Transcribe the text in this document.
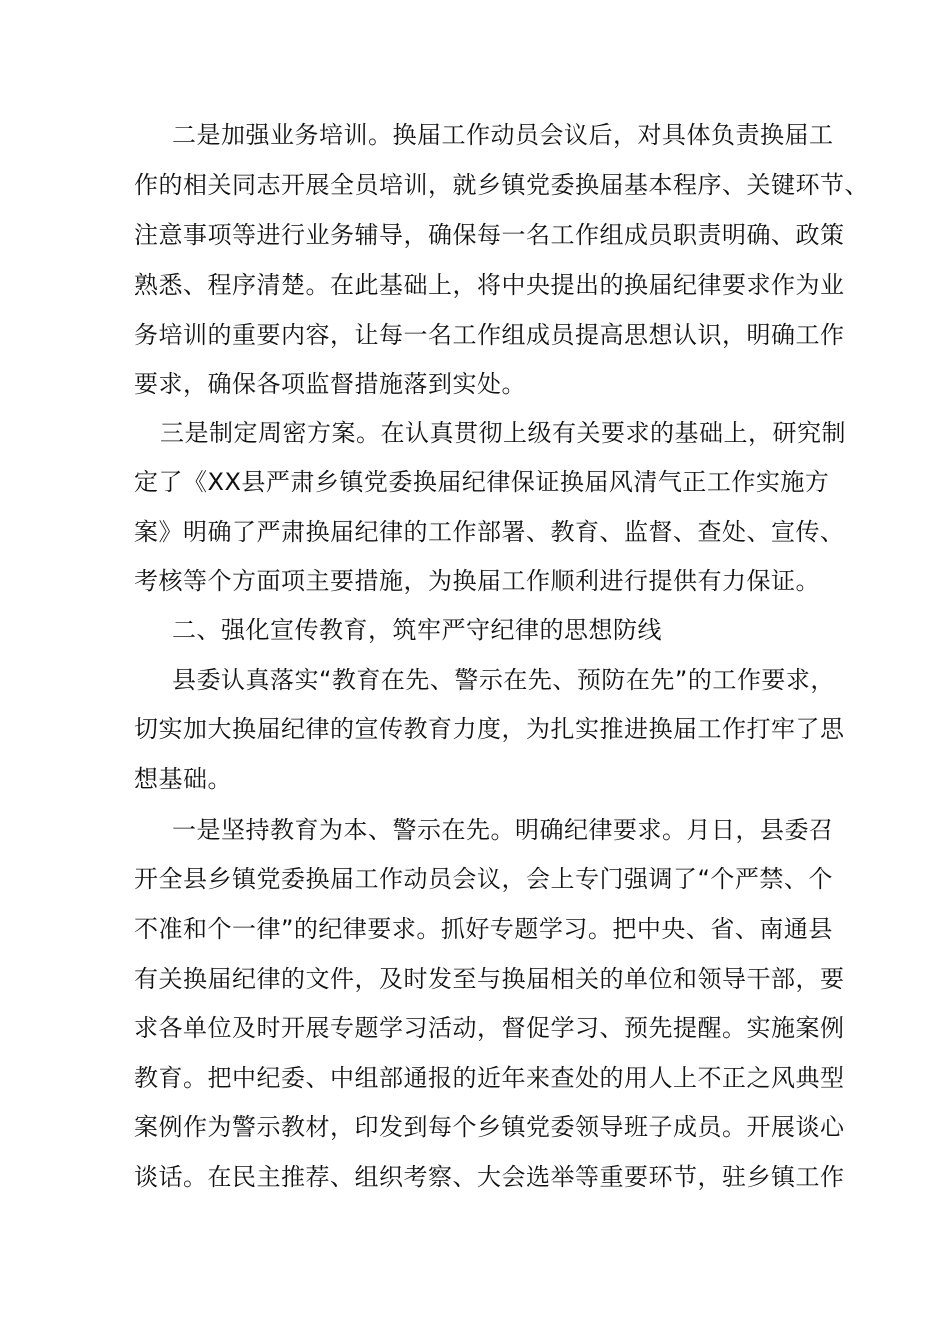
二是加强业务培训。换届工作动员会议后，对具体负责换届工

作的相关同志开展全员培训，就乡镇党委换届基本程序、关键环节、

注意事项等进行业务辅导，确保每一名工作组成员职责明确、政策

熟悉、程序清楚。在此基础上，将中央提出的换届纪律要求作为业

务培训的重要内容，让每一名工作组成员提高思想认识，明确工作

要求，确保各项监督措施落到实处。

三是制定周密方案。在认真贯彻上级有关要求的基础上，研究制

定了《XX县严肃乡镇党委换届纪律保证换届风清气正工作实施方

案》明确了严肃换届纪律的工作部署、教育、监督、查处、宣传、

考核等个方面项主要措施，为换届工作顺利进行提供有力保证。

二、强化宣传教育，筑牢严守纪律的思想防线

县委认真落实“教育在先、警示在先、预防在先”的工作要求，

切实加大换届纪律的宣传教育力度，为扎实推进换届工作打牢了思

想基础。

一是坚持教育为本、警示在先。明确纪律要求。月日，县委召

开全县乡镇党委换届工作动员会议，会上专门强调了“个严禁、个

不准和个一律”的纪律要求。抓好专题学习。把中央、省、南通县

有关换届纪律的文件，及时发至与换届相关的单位和领导干部，要

求各单位及时开展专题学习活动，督促学习、预先提醒。实施案例

教育。把中纪委、中组部通报的近年来查处的用人上不正之风典型

案例作为警示教材，印发到每个乡镇党委领导班子成员。开展谈心

谈话。在民主推荐、组织考察、大会选举等重要环节，驻乡镇工作
